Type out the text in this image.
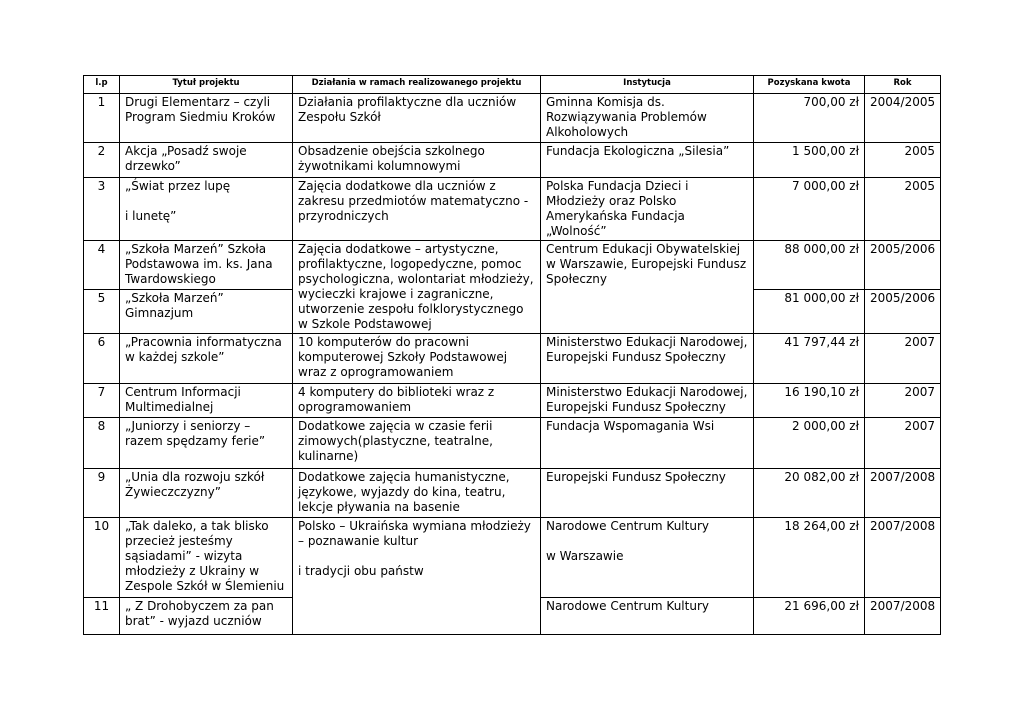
l.p	Tytuł projektu	Działania w ramach realizowanego projektu	Instytucja	Pozyskana kwota	Rok
1	Drugi Elementarz – czyli Program Siedmiu Kroków	Działania profilaktyczne dla uczniów Zespołu Szkół	Gminna Komisja ds. Rozwiązywania Problemów Alkoholowych	700,00 zł	2004/2005
2	Akcja „Posadź swoje drzewko”	Obsadzenie obejścia szkolnego żywotnikami kolumnowymi	Fundacja Ekologiczna „Silesia”	1 500,00 zł	2005
3	„Świat przez lupę
i lunetę”	Zajęcia dodatkowe dla uczniów z zakresu przedmiotów matematyczno - przyrodniczych	Polska Fundacja Dzieci i Młodzieży oraz Polsko Amerykańska Fundacja „Wolność”	7 000,00 zł	2005
4	„Szkoła Marzeń” Szkoła Podstawowa im. ks. Jana Twardowskiego	Zajęcia dodatkowe – artystyczne, profilaktyczne, logopedyczne, pomoc psychologiczna, wolontariat młodzieży, wycieczki krajowe i zagraniczne, utworzenie zespołu folklorystycznego w Szkole Podstawowej	Centrum Edukacji Obywatelskiej w Warszawie, Europejski Fundusz Społeczny	88 000,00 zł	2005/2006
5	„Szkoła Marzeń” Gimnazjum			81 000,00 zł	2005/2006
6	„Pracownia informatyczna w każdej szkole”	10 komputerów do pracowni komputerowej Szkoły Podstawowej wraz z oprogramowaniem	Ministerstwo Edukacji Narodowej, Europejski Fundusz Społeczny	41 797,44 zł	2007
7	Centrum Informacji Multimedialnej	4 komputery do biblioteki wraz z oprogramowaniem	Ministerstwo Edukacji Narodowej, Europejski Fundusz Społeczny	16 190,10 zł	2007
8	„Juniorzy i seniorzy – razem spędzamy ferie”	Dodatkowe zajęcia w czasie ferii zimowych(plastyczne, teatralne, kulinarne)	Fundacja Wspomagania Wsi	2 000,00 zł	2007
9	„Unia dla rozwoju szkół Żywieczczyzny”	Dodatkowe zajęcia humanistyczne, językowe, wyjazdy do kina, teatru, lekcje pływania na basenie	Europejski Fundusz Społeczny	20 082,00 zł	2007/2008
10	„Tak daleko, a tak blisko przecież jesteśmy sąsiadami” - wizyta młodzieży z Ukrainy w Zespole Szkół w Ślemieniu	Polsko – Ukraińska wymiana młodzieży – poznawanie kultur
i tradycji obu państw	Narodowe Centrum Kultury
w Warszawie	18 264,00 zł	2007/2008
11	„ Z Drohobyczem za pan brat” - wyjazd uczniów		Narodowe Centrum Kultury	21 696,00 zł	2007/2008
